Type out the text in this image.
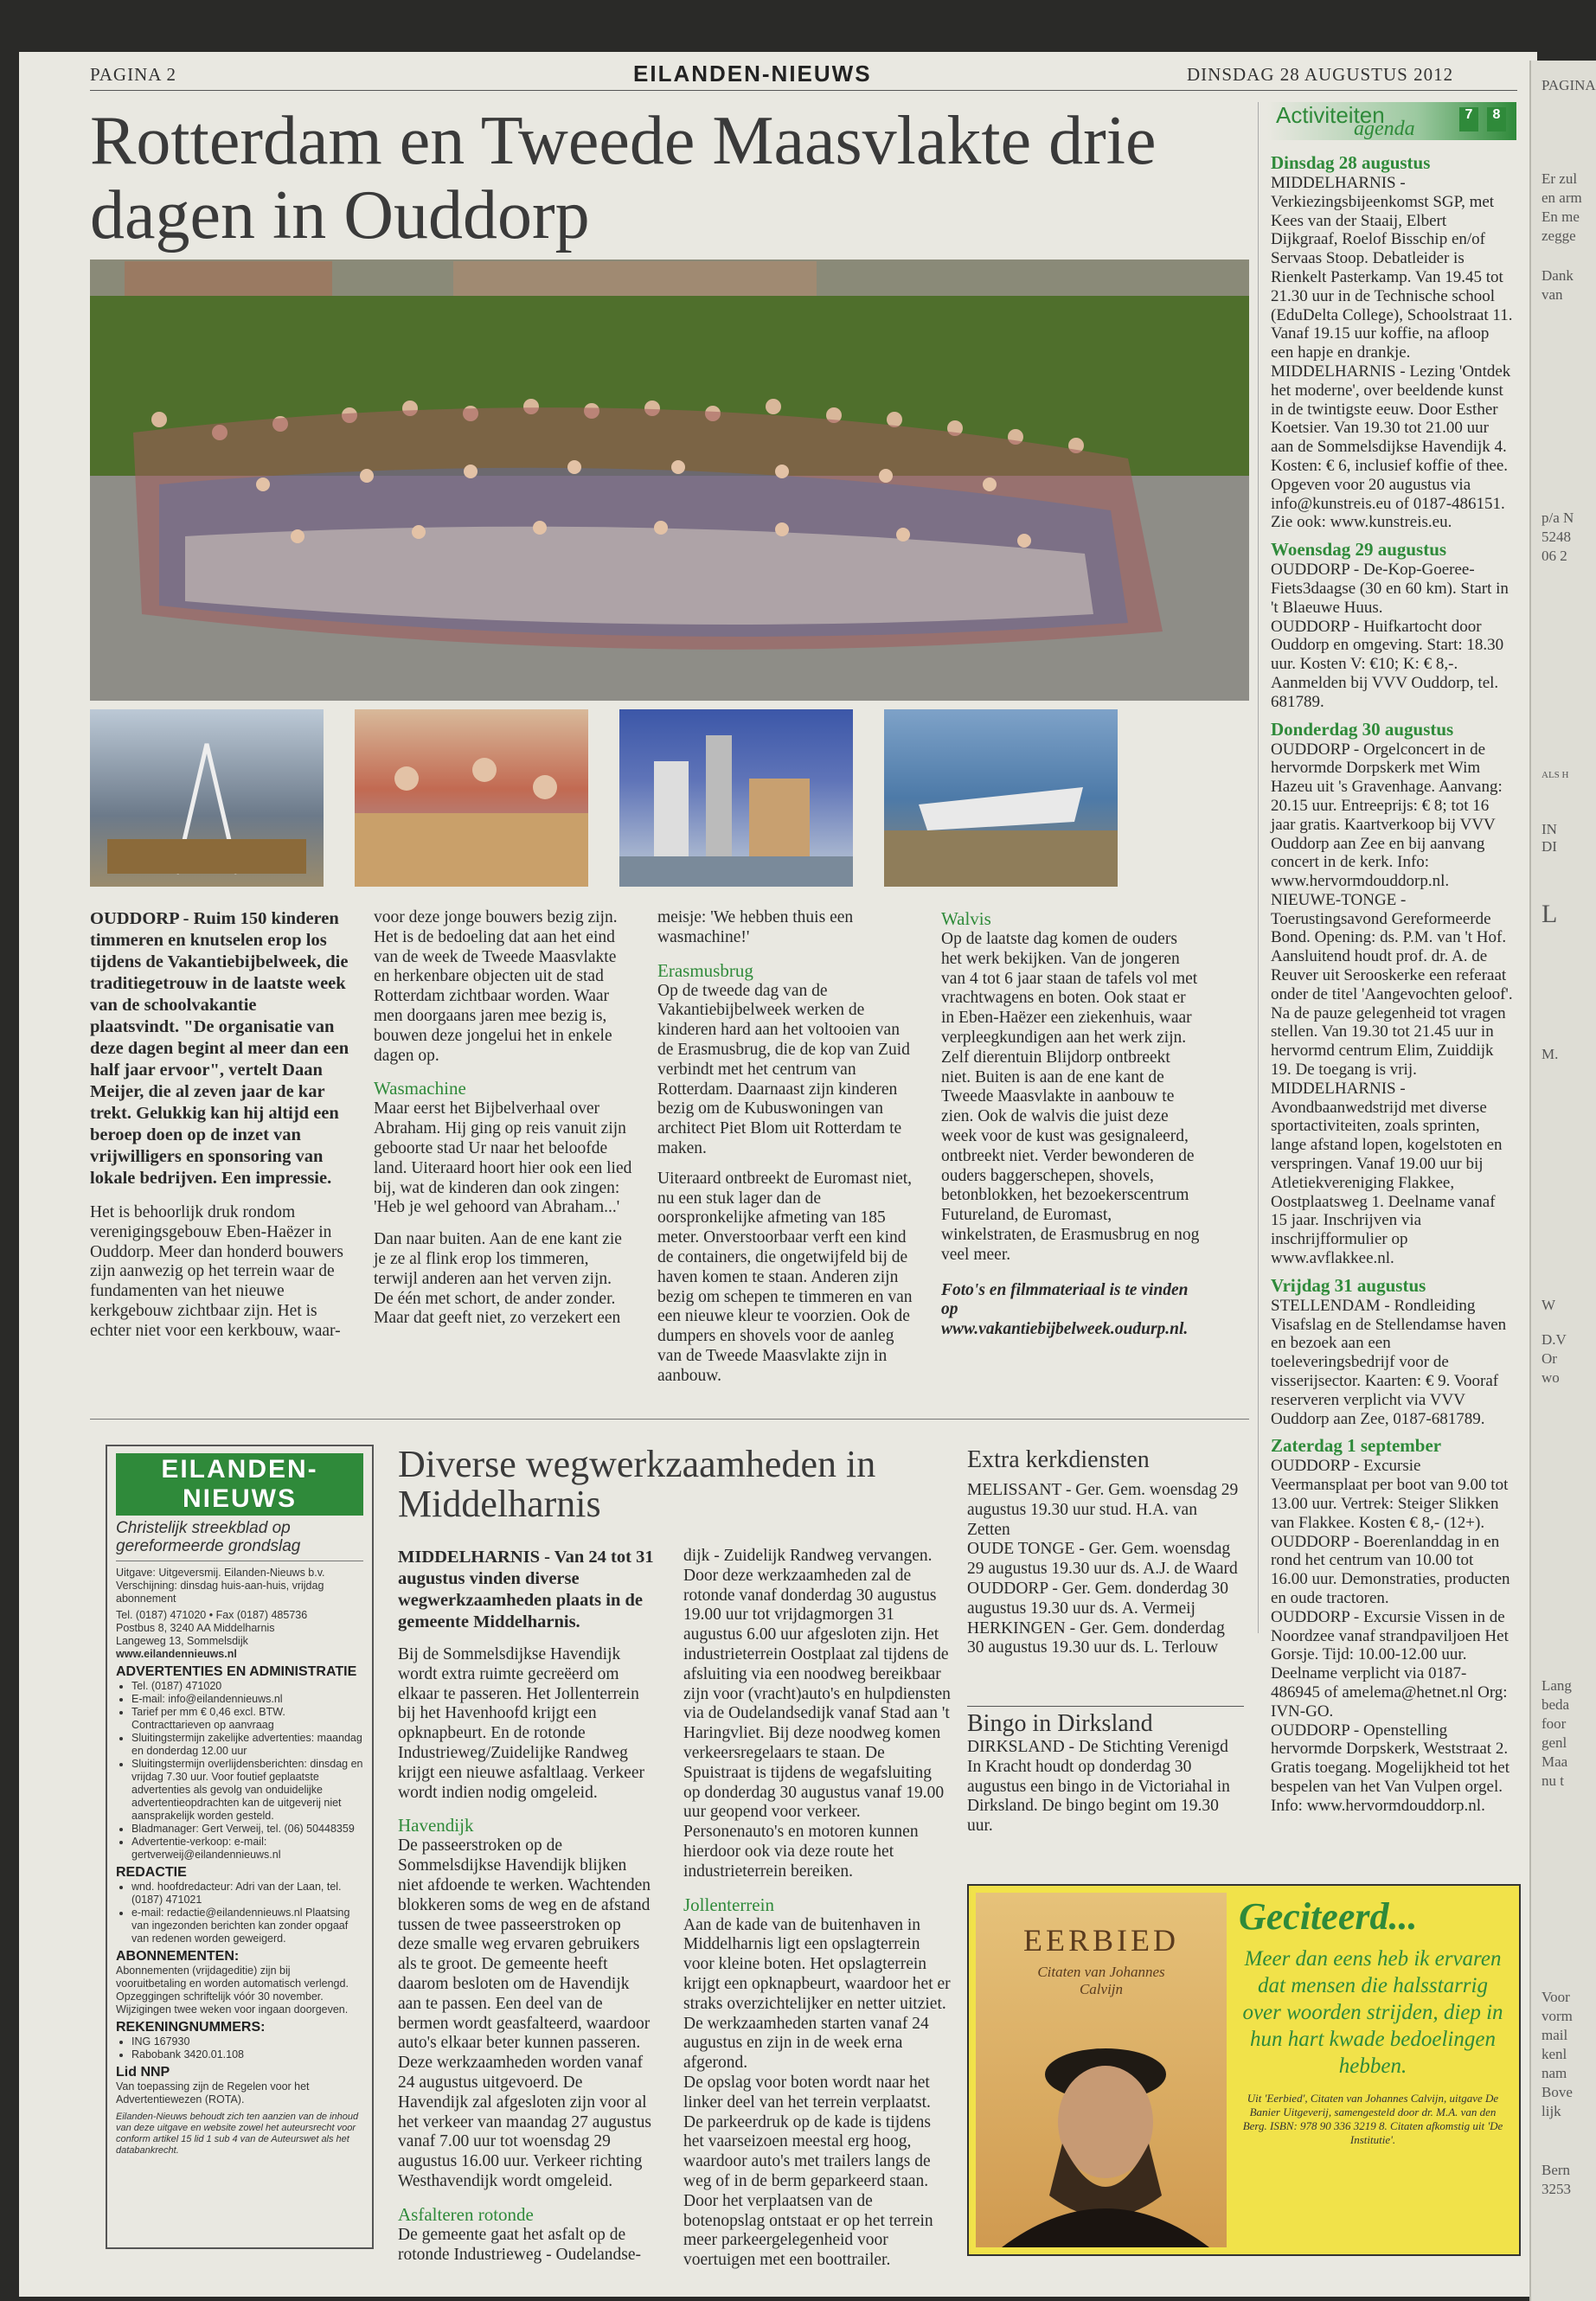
PAGINA 2	EILANDEN-NIEUWS	DINSDAG 28 AUGUSTUS 2012
Rotterdam en Tweede Maasvlakte drie dagen in Ouddorp
OUDDORP - Ruim 150 kinderen timmeren en knutselen erop los tijdens de Vakantiebijbelweek, die traditiegetrouw in de laatste week van de schoolvakantie plaatsvindt. "De organisatie van deze dagen begint al meer dan een half jaar ervoor", vertelt Daan Meijer, die al zeven jaar de kar trekt. Gelukkig kan hij altijd een beroep doen op de inzet van vrijwilligers en sponsoring van lokale bedrijven. Een impressie.
Het is behoorlijk druk rondom verenigingsgebouw Eben-Haëzer in Ouddorp. Meer dan honderd bouwers zijn aanwezig op het terrein waar de fundamenten van het nieuwe kerkgebouw zichtbaar zijn. Het is echter niet voor een kerkbouw, waar-
voor deze jonge bouwers bezig zijn. Het is de bedoeling dat aan het eind van de week de Tweede Maasvlakte en herkenbare objecten uit de stad Rotterdam zichtbaar worden. Waar men doorgaans jaren mee bezig is, bouwen deze jongelui het in enkele dagen op.
Wasmachine
Maar eerst het Bijbelverhaal over Abraham. Hij ging op reis vanuit zijn geboorte stad Ur naar het beloofde land. Uiteraard hoort hier ook een lied bij, wat de kinderen dan ook zingen: 'Heb je wel gehoord van Abraham...'
Dan naar buiten. Aan de ene kant zie je ze al flink erop los timmeren, terwijl anderen aan het verven zijn. De één met schort, de ander zonder. Maar dat geeft niet, zo verzekert een
meisje: 'We hebben thuis een wasmachine!'
Erasmusbrug
Op de tweede dag van de Vakantiebijbelweek werken de kinderen hard aan het voltooien van de Erasmusbrug, die de kop van Zuid verbindt met het centrum van Rotterdam. Daarnaast zijn kinderen bezig om de Kubuswoningen van architect Piet Blom uit Rotterdam te maken.
Uiteraard ontbreekt de Euromast niet, nu een stuk lager dan de oorspronkelijke afmeting van 185 meter. Onverstoorbaar verft een kind de containers, die ongetwijfeld bij de haven komen te staan. Anderen zijn bezig om schepen te timmeren en van een nieuwe kleur te voorzien. Ook de dumpers en shovels voor de aanleg van de Tweede Maasvlakte zijn in aanbouw.
Walvis
Op de laatste dag komen de ouders het werk bekijken. Van de jongeren van 4 tot 6 jaar staan de tafels vol met vrachtwagens en boten. Ook staat er in Eben-Haëzer een ziekenhuis, waar verpleegkundigen aan het werk zijn. Zelf dierentuin Blijdorp ontbreekt niet. Buiten is aan de ene kant de Tweede Maasvlakte in aanbouw te zien. Ook de walvis die juist deze week voor de kust was gesignaleerd, ontbreekt niet. Verder bewonderen de ouders baggerschepen, shovels, betonblokken, het bezoekerscentrum Futureland, de Euromast, winkelstraten, de Erasmusbrug en nog veel meer.
Foto's en filmmateriaal is te vinden op www.vakantiebijbelweek.oudurp.nl.
Activiteiten
agenda
7	8
Dinsdag 28 augustus
MIDDELHARNIS - Verkiezingsbijeenkomst SGP, met Kees van der Staaij, Elbert Dijkgraaf, Roelof Bisschip en/of Servaas Stoop. Debatleider is Rienkelt Pasterkamp. Van 19.45 tot 21.30 uur in de Technische school (EduDelta College), Schoolstraat 11. Vanaf 19.15 uur koffie, na afloop een hapje en drankje.
MIDDELHARNIS - Lezing 'Ontdek het moderne', over beeldende kunst in de twintigste eeuw. Door Esther Koetsier. Van 19.30 tot 21.00 uur aan de Sommelsdijkse Havendijk 4. Kosten: € 6, inclusief koffie of thee. Opgeven voor 20 augustus via info@kunstreis.eu of 0187-486151. Zie ook: www.kunstreis.eu.
Woensdag 29 augustus
OUDDORP - De-Kop-Goeree-Fiets3daagse (30 en 60 km). Start in 't Blaeuwe Huus.
OUDDORP - Huifkartocht door Ouddorp en omgeving. Start: 18.30 uur. Kosten V: €10; K: € 8,-. Aanmelden bij VVV Ouddorp, tel. 681789.
Donderdag 30 augustus
OUDDORP - Orgelconcert in de hervormde Dorpskerk met Wim Hazeu uit 's Gravenhage. Aanvang: 20.15 uur. Entreeprijs: € 8; tot 16 jaar gratis. Kaartverkoop bij VVV Ouddorp aan Zee en bij aanvang concert in de kerk. Info: www.hervormdouddorp.nl.
NIEUWE-TONGE - Toerustingsavond Gereformeerde Bond. Opening: ds. P.M. van 't Hof. Aansluitend houdt prof. dr. A. de Reuver uit Serooskerke een referaat onder de titel 'Aangevochten geloof'. Na de pauze gelegenheid tot vragen stellen. Van 19.30 tot 21.45 uur in hervormd centrum Elim, Zuiddijk 19. De toegang is vrij.
MIDDELHARNIS - Avondbaanwedstrijd met diverse sportactiviteiten, zoals sprinten, lange afstand lopen, kogelstoten en verspringen. Vanaf 19.00 uur bij Atletiekvereniging Flakkee, Oostplaatsweg 1. Deelname vanaf 15 jaar. Inschrijven via inschrijfformulier op www.avflakkee.nl.
Vrijdag 31 augustus
STELLENDAM - Rondleiding Visafslag en de Stellendamse haven en bezoek aan een toeleveringsbedrijf voor de visserijsector. Kaarten: € 9. Vooraf reserveren verplicht via VVV Ouddorp aan Zee, 0187-681789.
Zaterdag 1 september
OUDDORP - Excursie Veermansplaat per boot van 9.00 tot 13.00 uur. Vertrek: Steiger Slikken van Flakkee. Kosten € 8,- (12+).
OUDDORP - Boerenlanddag in en rond het centrum van 10.00 tot 16.00 uur. Demonstraties, producten en oude tractoren.
OUDDORP - Excursie Vissen in de Noordzee vanaf strandpaviljoen Het Gorsje. Tijd: 10.00-12.00 uur. Deelname verplicht via 0187-486945 of amelema@hetnet.nl Org: IVN-GO.
OUDDORP - Openstelling hervormde Dorpskerk, Weststraat 2. Gratis toegang. Mogelijkheid tot het bespelen van het Van Vulpen orgel. Info: www.hervormdouddorp.nl.
EILANDEN-NIEUWS
Christelijk streekblad op gereformeerde grondslag
Uitgave: Uitgeversmij. Eilanden-Nieuws b.v.
Verschijning: dinsdag huis-aan-huis, vrijdag abonnement
Tel. (0187) 471020 • Fax (0187) 485736
Postbus 8, 3240 AA Middelharnis
Langeweg 13, Sommelsdijk
www.eilandennieuws.nl
ADVERTENTIES EN ADMINISTRATIE
• Tel. (0187) 471020
• E-mail: info@eilandennieuws.nl
• Tarief per mm € 0,46 excl. BTW. Contracttarieven op aanvraag
• Sluitingstermijn zakelijke advertenties: maandag en donderdag 12.00 uur
• Sluitingstermijn overlijdensberichten: dinsdag en vrijdag 7.30 uur. Voor foutief geplaatste advertenties als gevolg van onduidelijke advertentieopdrachten kan de uitgeverij niet aansprakelijk worden gesteld.
• Bladmanager: Gert Verweij, tel. (06) 50448359
• Advertentie-verkoop: e-mail: gertverweij@eilandennieuws.nl
REDACTIE
• wnd. hoofdredacteur: Adri van der Laan, tel. (0187) 471021
• e-mail: redactie@eilandennieuws.nl Plaatsing van ingezonden berichten kan zonder opgaaf van redenen worden geweigerd.
ABONNEMENTEN:
Abonnementen (vrijdageditie) zijn bij vooruitbetaling en worden automatisch verlengd. Opzeggingen schriftelijk vóór 30 november. Wijzigingen twee weken voor ingaan doorgeven.
REKENINGNUMMERS:
• ING 167930
• Rabobank 3420.01.108
Lid NNP
Van toepassing zijn de Regelen voor het Advertentiewezen (ROTA).
Eilanden-Nieuws behoudt zich ten aanzien van de inhoud van deze uitgave en website zowel het auteursrecht voor conform artikel 15 lid 1 sub 4 van de Auteurswet als het databankrecht.
Diverse wegwerkzaamheden in Middelharnis
MIDDELHARNIS - Van 24 tot 31 augustus vinden diverse wegwerkzaamheden plaats in de gemeente Middelharnis.
Bij de Sommelsdijkse Havendijk wordt extra ruimte gecreëerd om elkaar te passeren. Het Jollenterrein bij het Havenhoofd krijgt een opknapbeurt. En de rotonde Industrieweg/Zuidelijke Randweg krijgt een nieuwe asfaltlaag. Verkeer wordt indien nodig omgeleid.
Havendijk
De passeerstroken op de Sommelsdijkse Havendijk blijken niet afdoende te werken. Wachtenden blokkeren soms de weg en de afstand tussen de twee passeerstroken op deze smalle weg ervaren gebruikers als te groot. De gemeente heeft daarom besloten om de Havendijk aan te passen. Een deel van de bermen wordt geasfalteerd, waardoor auto's elkaar beter kunnen passeren. Deze werkzaamheden worden vanaf 24 augustus uitgevoerd. De Havendijk zal afgesloten zijn voor al het verkeer van maandag 27 augustus vanaf 7.00 uur tot woensdag 29 augustus 16.00 uur. Verkeer richting Westhavendijk wordt omgeleid.
Asfalteren rotonde
De gemeente gaat het asfalt op de rotonde Industrieweg - Oudelandse-
dijk - Zuidelijk Randweg vervangen. Door deze werkzaamheden zal de rotonde vanaf donderdag 30 augustus 19.00 uur tot vrijdagmorgen 31 augustus 6.00 uur afgesloten zijn. Het industrieterrein Oostplaat zal tijdens de afsluiting via een noodweg bereikbaar zijn voor (vracht)auto's en hulpdiensten via de Oudelandsedijk vanaf Stad aan 't Haringvliet. Bij deze noodweg komen verkeersregelaars te staan. De Spuistraat is tijdens de wegafsluiting op donderdag 30 augustus vanaf 19.00 uur geopend voor verkeer. Personenauto's en motoren kunnen hierdoor ook via deze route het industrieterrein bereiken.
Jollenterrein
Aan de kade van de buitenhaven in Middelharnis ligt een opslagterrein voor kleine boten. Het opslagterrein krijgt een opknapbeurt, waardoor het er straks overzichtelijker en netter uitziet. De werkzaamheden starten vanaf 24 augustus en zijn in de week erna afgerond.
De opslag voor boten wordt naar het linker deel van het terrein verplaatst. De parkeerdruk op de kade is tijdens het vaarseizoen meestal erg hoog, waardoor auto's met trailers langs de weg of in de berm geparkeerd staan. Door het verplaatsen van de botenopslag ontstaat er op het terrein meer parkeergelegenheid voor voertuigen met een boottrailer.
Extra kerkdiensten
MELISSANT - Ger. Gem. woensdag 29 augustus 19.30 uur stud. H.A. van Zetten
OUDE TONGE - Ger. Gem. woensdag 29 augustus 19.30 uur ds. A.J. de Waard
OUDDORP - Ger. Gem. donderdag 30 augustus 19.30 uur ds. A. Vermeij
HERKINGEN - Ger. Gem. donderdag 30 augustus 19.30 uur ds. L. Terlouw
Bingo in Dirksland
DIRKSLAND - De Stichting Verenigd In Kracht houdt op donderdag 30 augustus een bingo in de Victoriahal in Dirksland. De bingo begint om 19.30 uur.
EERBIED
Citaten van Johannes Calvijn
Geciteerd...
Meer dan eens heb ik ervaren dat mensen die halsstarrig over woorden strijden, diep in hun hart kwade bedoelingen hebben.
Uit 'Eerbied', Citaten van Johannes Calvijn, uitgave De Banier Uitgeverij, samengesteld door dr. M.A. van den Berg. ISBN: 978 90 336 3219 8. Citaten afkomstig uit 'De Institutie'.
PAGINA
Er zul
en arm
En me
zegge
Dank
van
p/a N
5248
06 2
ALS H
IN
DI
L
M.
W
D.V
Or
wo
Lang
beda
foor
genl
Maa
nu t
Voor
vorm
mail
kenl
nam
Bove
lijk
Bern
3253
